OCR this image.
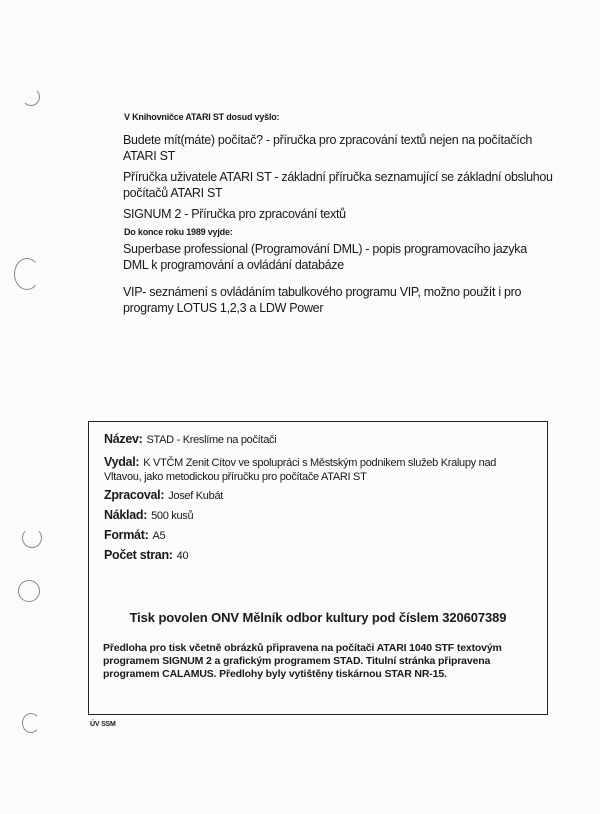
V Knihovničce ATARI ST dosud vyšlo:
Budete mít(máte) počítač? - příručka pro zpracování textů nejen na počítačích ATARI ST
Příručka uživatele ATARI ST - základní příručka seznamující se základní obsluhou počítačů ATARI ST
SIGNUM 2 - Příručka pro zpracování textů
Do konce roku 1989 vyjde:
Superbase professional (Programování DML) - popis programovacího jazyka DML k programování a ovládání databáze
VIP- seznámení s ovládáním tabulkového programu VIP, možno použít i pro programy LOTUS 1,2,3 a LDW Power
Název: STAD - Kreslíme na počítači
Vydal: K VTČM Zenit Cítov ve spolupráci s Městským podnikem služeb Kralupy nad Vltavou, jako metodickou příručku pro počítače ATARI ST
Zpracoval: Josef Kubát
Náklad: 500 kusů
Formát: A5
Počet stran: 40
Tisk povolen ONV Mělník odbor kultury pod číslem 320607389
Předloha pro tisk včetně obrázků připravena na počítači ATARI 1040 STF textovým programem SIGNUM 2 a grafickým programem STAD. Titulní stránka připravena programem CALAMUS. Předlohy byly vytištěny tiskárnou STAR NR-15.
ÚV SSM
